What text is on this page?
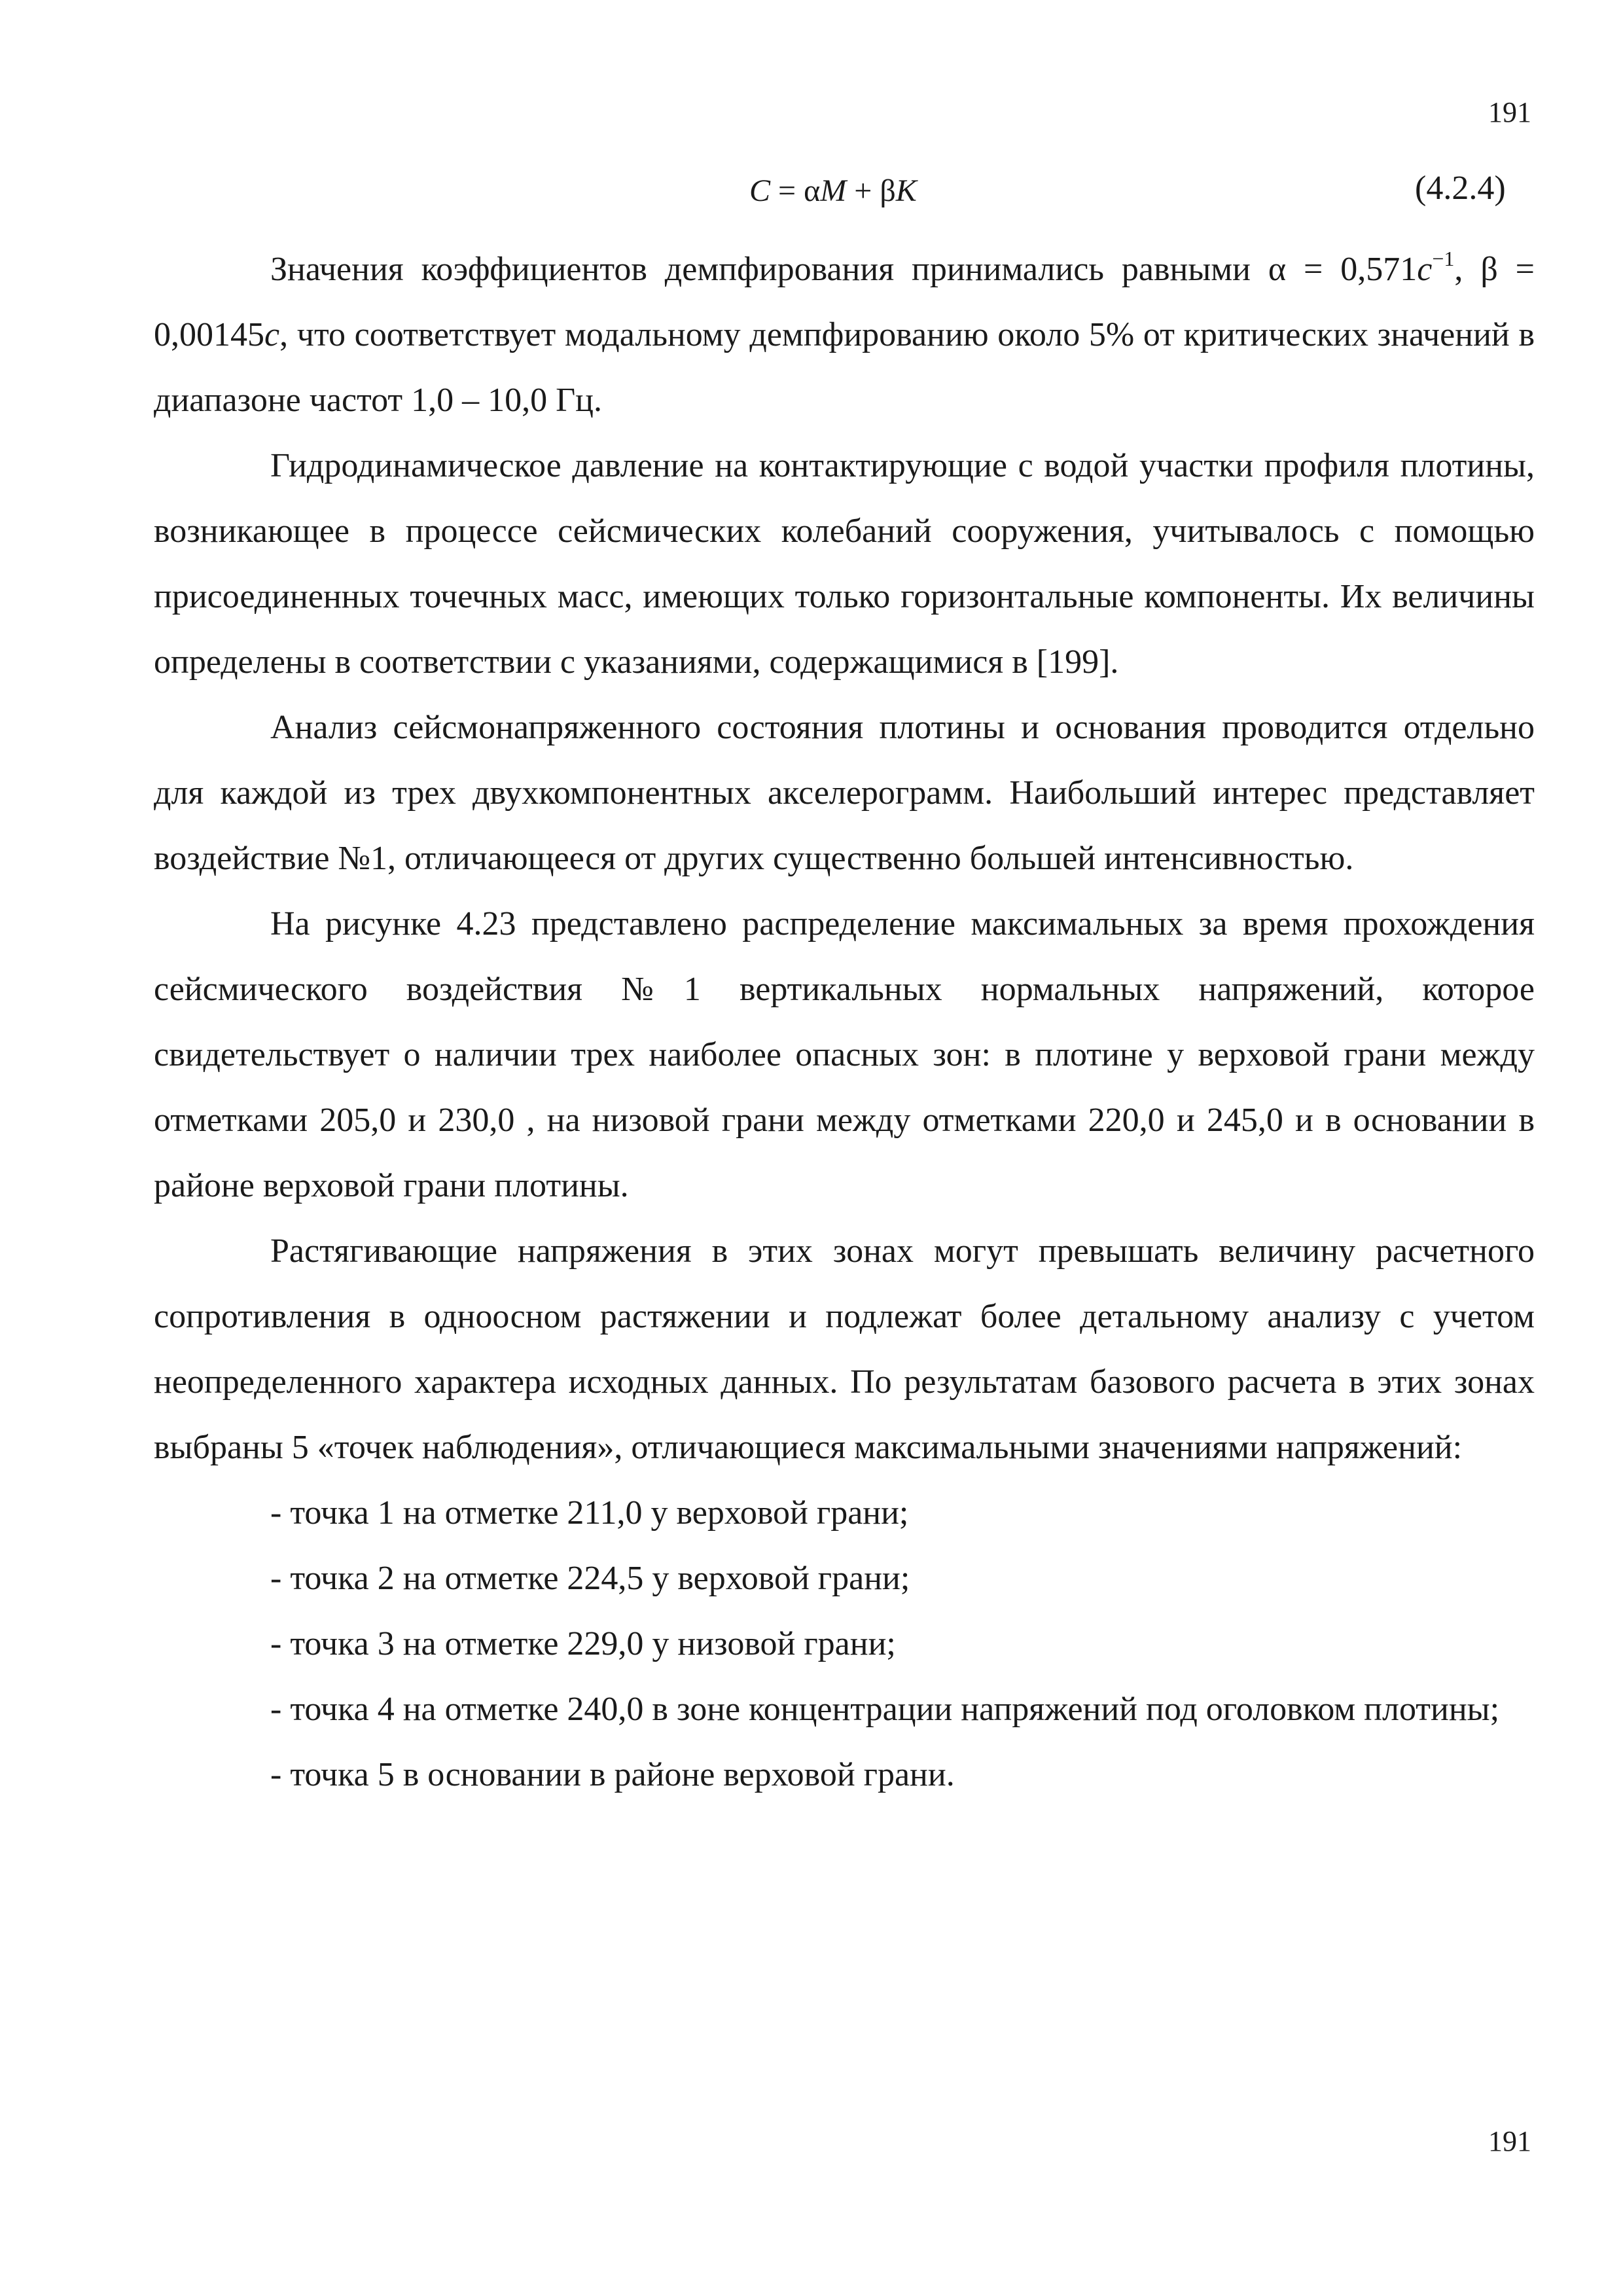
191
C = αM + βK	(4.2.4)

Значения коэффициентов демпфирования принимались равными $\alpha = 0,571c^{-1}$, β = 0,00145c, что соответствует модальному демпфированию около 5% от критических значений в диапазоне частот 1,0 – 10,0 Гц.

Гидродинамическое давление на контактирующие с водой участки профиля плотины, возникающее в процессе сейсмических колебаний сооружения, учитывалось с помощью присоединенных точечных масс, имеющих только горизонтальные компоненты. Их величины определены в соответствии с указаниями, содержащимися в [199].

Анализ сейсмонапряженного состояния плотины и основания проводится отдельно для каждой из трех двухкомпонентных акселерограмм. Наибольший интерес представляет воздействие №1, отличающееся от других существенно большей интенсивностью.

На рисунке 4.23 представлено распределение максимальных за время прохождения сейсмического воздействия №1 вертикальных нормальных напряжений, которое свидетельствует о наличии трех наиболее опасных зон: в плотине у верховой грани между отметками 205,0 и 230,0 , на низовой грани между отметками 220,0 и 245,0 и в основании в районе верховой грани плотины.

Растягивающие напряжения в этих зонах могут превышать величину расчетного сопротивления в одноосном растяжении и подлежат более детальному анализу с учетом неопределенного характера исходных данных. По результатам базового расчета в этих зонах выбраны 5 «точек наблюдения», отличающиеся максимальными значениями напряжений:

- точка 1 на отметке 211,0 у верховой грани;

- точка 2 на отметке 224,5 у верховой грани;

- точка 3 на отметке 229,0 у низовой грани;

- точка 4 на отметке 240,0 в зоне концентрации напряжений под оголовком плотины;

- точка 5 в основании в районе верховой грани.

191
